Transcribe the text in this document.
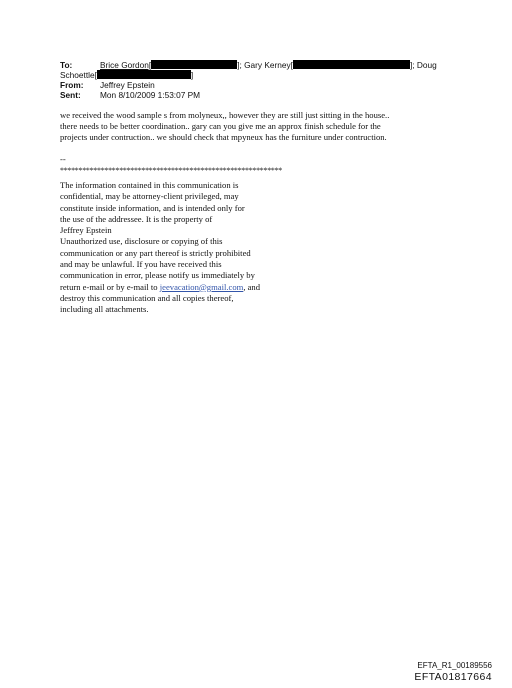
To:	Brice Gordon[	]; Gary Kerney[	]; Doug
Schoettle[	]
From: Jeffrey Epstein
Sent: Mon 8/10/2009 1:53:07 PM
we received the wood sample s from molyneux,, however they are still just sitting in the house..
there needs to be better coordination.. gary can you give me an approx finish schedule for the
projects under contruction.. we should check that mpyneux has the furniture under contruction.
--
************************************************************
The information contained in this communication is
confidential, may be attorney-client privileged, may
constitute inside information, and is intended only for
the use of the addressee. It is the property of
Jeffrey Epstein
Unauthorized use, disclosure or copying of this
communication or any part thereof is strictly prohibited
and may be unlawful. If you have received this
communication in error, please notify us immediately by
return e-mail or by e-mail to jeevacation@gmail.com, and
destroy this communication and all copies thereof,
including all attachments.
EFTA_R1_00189556
EFTA01817664
